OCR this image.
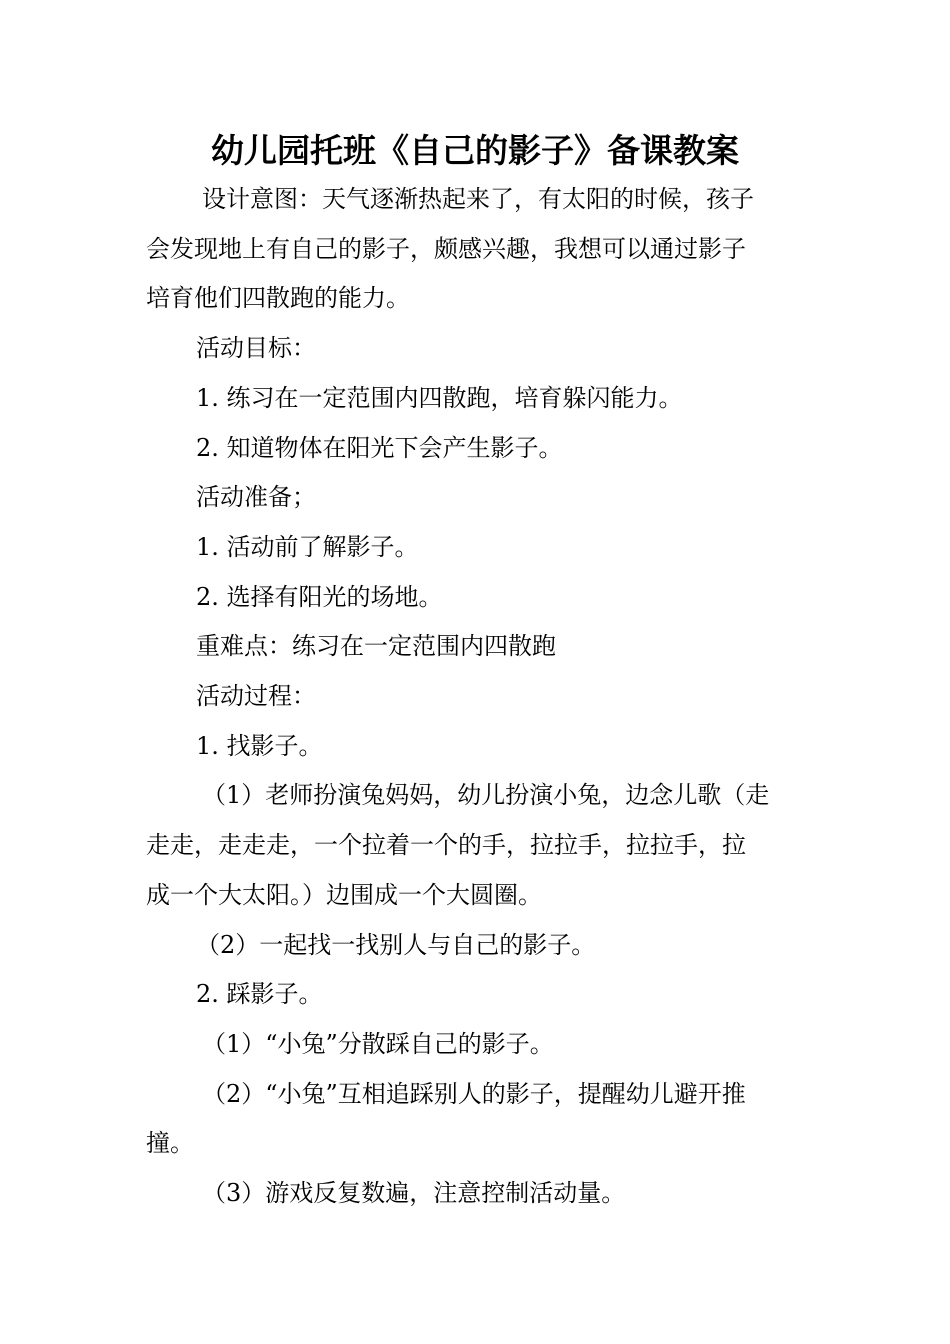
幼儿园托班《自己的影子》备课教案
设计意图：天气逐渐热起来了，有太阳的时候，孩子
会发现地上有自己的影子，颇感兴趣，我想可以通过影子
培育他们四散跑的能力。
活动目标：
1. 练习在一定范围内四散跑，培育躲闪能力。
2. 知道物体在阳光下会产生影子。
活动准备；
1. 活动前了解影子。
2. 选择有阳光的场地。
重难点：练习在一定范围内四散跑
活动过程：
1. 找影子。
（1）老师扮演兔妈妈，幼儿扮演小兔，边念儿歌（走
走走，走走走，一个拉着一个的手，拉拉手，拉拉手，拉
成一个大太阳。）边围成一个大圆圈。
（2）一起找一找别人与自己的影子。
2. 踩影子。
（1）“小兔”分散踩自己的影子。
（2）“小兔”互相追踩别人的影子，提醒幼儿避开推
撞。
（3）游戏反复数遍，注意控制活动量。
